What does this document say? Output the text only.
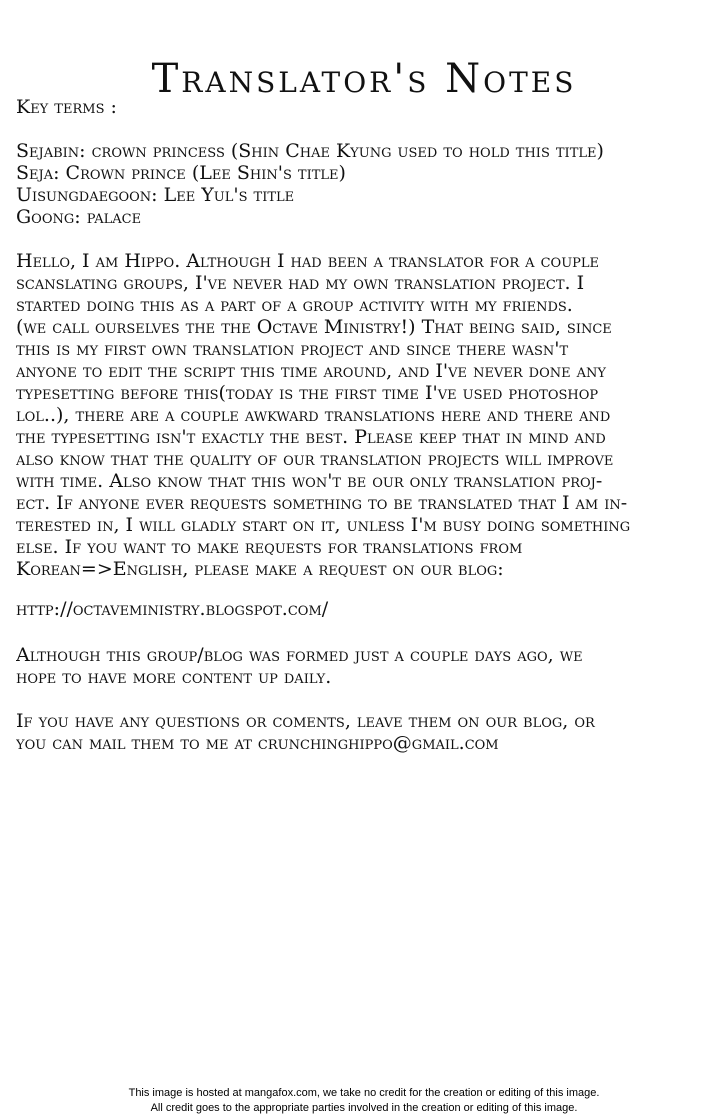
Translator's Notes
Key terms :
Sejabin: crown princess (Shin Chae Kyung used to hold this title)
Seja: Crown prince (Lee Shin's title)
Uisungdaegoon: Lee Yul's title
Goong: palace
Hello, I am Hippo. Although I had been a translator for a couple
scanslating groups, I've never had my own translation project. I
started doing this as a part of a group activity with my friends.
(we call ourselves the the Octave Ministry!) That being said, since
this is my first own translation project and since there wasn't
anyone to edit the script this time around, and I've never done any
typesetting before this(today is the first time I've used photoshop
lol..), there are a couple awkward translations here and there and
the typesetting isn't exactly the best. Please keep that in mind and
also know that the quality of our translation projects will improve
with time. Also know that this won't be our only translation proj-
ect. If anyone ever requests something to be translated that I am in-
terested in, I will gladly start on it, unless I'm busy doing something
else. If you want to make requests for translations from
Korean=>English, please make a request on our blog:
http://octaveministry.blogspot.com/
Although this group/blog was formed just a couple days ago, we
hope to have more content up daily.
If you have any questions or coments, leave them on our blog, or
you can mail them to me at crunchinghippo@gmail.com
This image is hosted at mangafox.com, we take no credit for the creation or editing of this image.
All credit goes to the appropriate parties involved in the creation or editing of this image.
